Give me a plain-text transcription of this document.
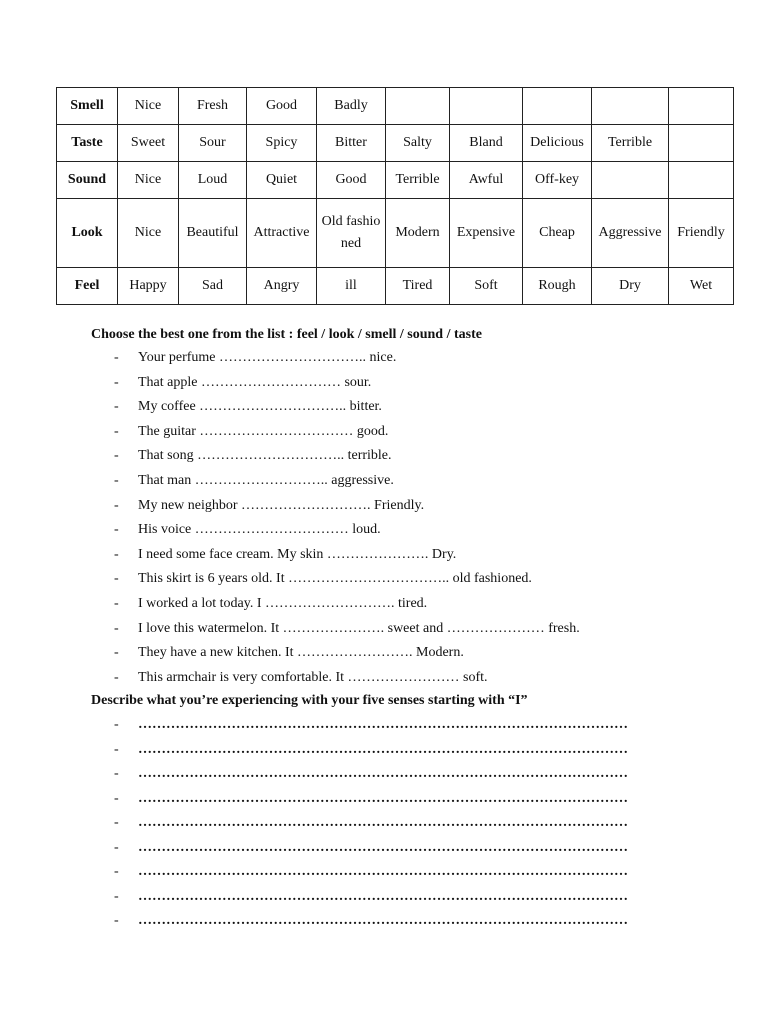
Smell	Nice	Fresh	Good	Badly					
Taste	Sweet	Sour	Spicy	Bitter	Salty	Bland	Delicious	Terrible	
Sound	Nice	Loud	Quiet	Good	Terrible	Awful	Off-key		
Look	Nice	Beautiful	Attractive	Old fashioned	Modern	Expensive	Cheap	Aggressive	Friendly
Feel	Happy	Sad	Angry	ill	Tired	Soft	Rough	Dry	Wet
Choose the best one from the list : feel / look / smell / sound / taste
- Your perfume ………………………….. nice.
- That apple ………………………… sour.
- My coffee ………………………….. bitter.
- The guitar …………………………… good.
- That song ………………………….. terrible.
- That man ……………………….. aggressive.
- My new neighbor ………………………. Friendly.
- His voice …………………………… loud.
- I need some face cream. My skin …………………. Dry.
- This skirt is 6 years old. It …………………………….. old fashioned.
- I worked a lot today. I ………………………. tired.
- I love this watermelon. It …………………. sweet and ………………… fresh.
- They have a new kitchen. It ……………………. Modern.
- This armchair is very comfortable. It …………………… soft.
Describe what you’re experiencing with your five senses starting with “I”
- ……………………………………………………………………………………………
- ……………………………………………………………………………………………
- ……………………………………………………………………………………………
- ……………………………………………………………………………………………
- ……………………………………………………………………………………………
- ……………………………………………………………………………………………
- ……………………………………………………………………………………………
- ……………………………………………………………………………………………
- ……………………………………………………………………………………………
